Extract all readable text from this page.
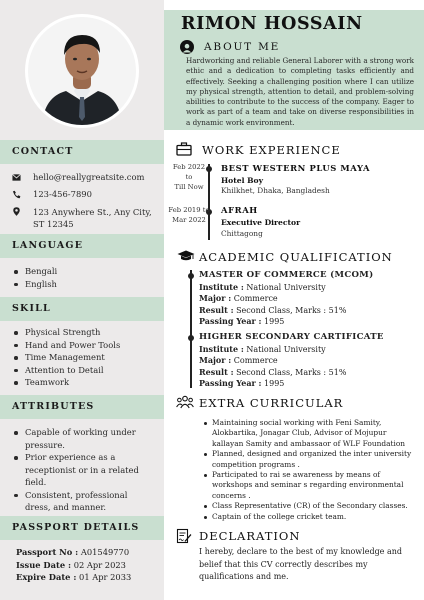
CONTACT
hello@reallygreatsite.com
123-456-7890
123 Anywhere St., Any City, ST 12345
LANGUAGE
Bengali
English
SKILL
Physical Strength
Hand and Power Tools
Time Management
Attention to Detail
Teamwork
ATTRIBUTES
Capable of working under pressure.
Prior experience as a receptionist or in a related field.
Consistent, professional dress, and manner.
PASSPORT DETAILS
Passport No : A01549770
Issue Date : 02 Apr 2023
Expire Date : 01 Apr 2033
RIMON HOSSAIN
ABOUT ME
Hardworking and reliable General Laborer with a strong work ethic and a dedication to completing tasks efficiently and effectively. Seeking a challenging position where I can utilize my physical strength, attention to detail, and problem-solving abilities to contribute to the success of the company. Eager to work as part of a team and take on diverse responsibilities in a dynamic work environment.
WORK EXPERIENCE
Feb 2022
to
Till Now
BEST WESTERN PLUS MAYA
Hotel Boy
Khilkhet, Dhaka, Bangladesh
Feb 2019 to
Mar 2022
AFRAH
Executive Director
Chittagong
ACADEMIC QUALIFICATION
MASTER OF COMMERCE (MCOM)
Institute : National University
Major : Commerce
Result : Second Class, Marks : 51%
Passing Year : 1995
HIGHER SECONDARY CARTIFICATE
Institute : National University
Major : Commerce
Result : Second Class, Marks : 51%
Passing Year : 1995
EXTRA CURRICULAR
Maintaining social working with Feni Samity, Alokbartika, Jonagar Club, Advisor of Mojupur kallayan Samity and ambassaor of WLF Foundation
Planned, designed and organized the inter university competition programs .
Participated to rai se awareness by means of workshops and seminar s regarding environmental concerns .
Class Representative (CR) of the Secondary classes.
Captain of the college cricket team.
DECLARATION
I hereby, declare to the best of my knowledge and belief that this CV correctly describes my qualifications and me.
